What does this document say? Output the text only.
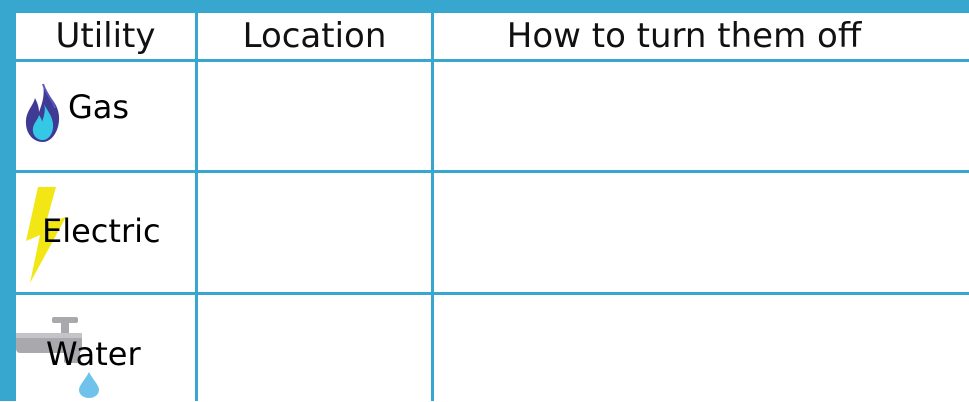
Utility	Location	How to turn them off
Gas
Electric
Water
